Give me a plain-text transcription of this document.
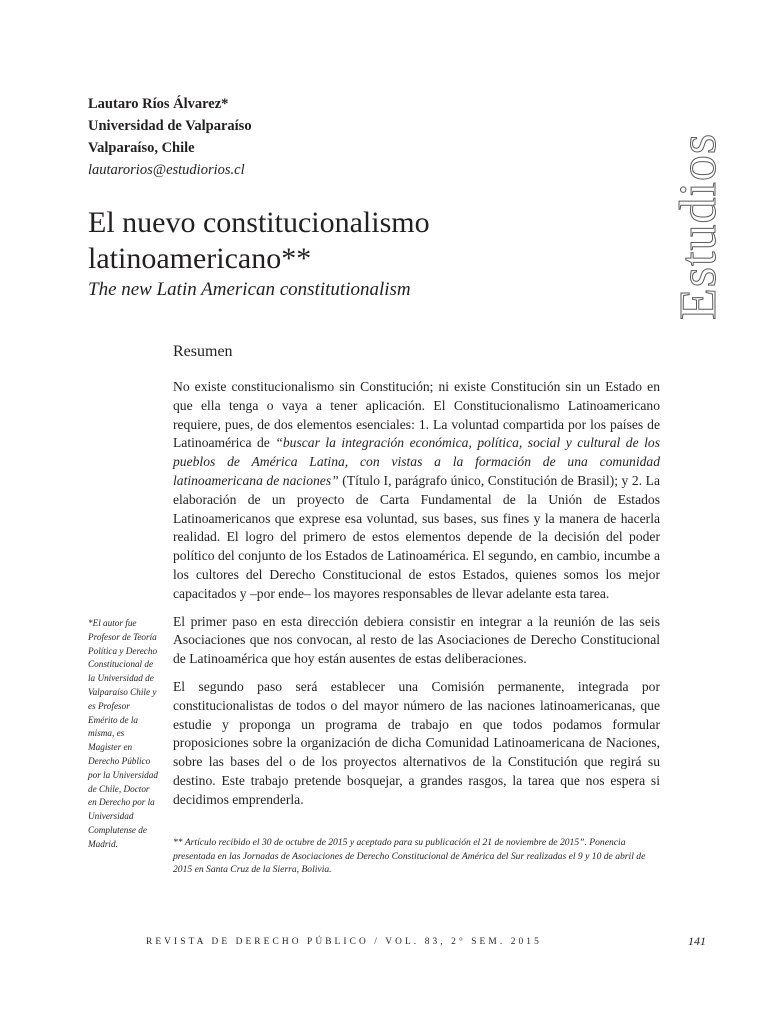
Lautaro Ríos Álvarez*
Universidad de Valparaíso
Valparaíso, Chile
lautarorios@estudiorios.cl
El nuevo constitucionalismo
latinoamericano**
The new Latin American constitutionalism	Estudios
Resumen

No existe constitucionalismo sin Constitución; ni existe Constitución sin un Estado en que ella tenga o vaya a tener aplicación. El Constitucionalismo Latinoamericano requiere, pues, de dos elementos esenciales: 1. La voluntad compartida por los países de Latinoamérica de “buscar la integración económica, política, social y cultural de los pueblos de América Latina, con vistas a la formación de una comunidad latinoamericana de naciones” (Título I, parágrafo único, Constitución de Brasil); y 2. La elaboración de un proyecto de Carta Fundamental de la Unión de Estados Latinoamericanos que exprese esa voluntad, sus bases, sus fines y la manera de hacerla realidad. El logro del primero de estos elementos depende de la decisión del poder político del conjunto de los Estados de Latinoamérica. El segundo, en cambio, incumbe a los cultores del Derecho Constitucional de estos Estados, quienes somos los mejor capacitados y –por ende– los mayores responsables de llevar adelante esta tarea.

El primer paso en esta dirección debiera consistir en integrar a la reunión de las seis Asociaciones que nos convocan, al resto de las Asociaciones de Derecho Constitucional de Latinoamérica que hoy están ausentes de estas deliberaciones.

El segundo paso será establecer una Comisión permanente, integrada por constitucionalistas de todos o del mayor número de las naciones latinoamericanas, que estudie y proponga un programa de trabajo en que todos podamos formular proposiciones sobre la organización de dicha Comunidad Latinoamericana de Naciones, sobre las bases del o de los proyectos alternativos de la Constitución que regirá su destino. Este trabajo pretende bosquejar, a grandes rasgos, la tarea que nos espera si decidimos emprenderla.

*El autor fue Profesor de Teoría Política y Derecho Constitucional de la Universidad de Valparaíso Chile y es Profesor Emérito de la misma, es Magister en Derecho Público por la Universidad de Chile, Doctor en Derecho por la Universidad Complutense de Madrid.	** Artículo recibido el 30 de octubre de 2015 y aceptado para su publicación el 21 de noviembre de 2015”. Ponencia presentada en las Jornadas de Asociaciones de Derecho Constitucional de América del Sur realizadas el 9 y 10 de abril de 2015 en Santa Cruz de la Sierra, Bolivia.
REVISTA DE DERECHO PÚBLICO / VOL. 83, 2° SEM. 2015	141
